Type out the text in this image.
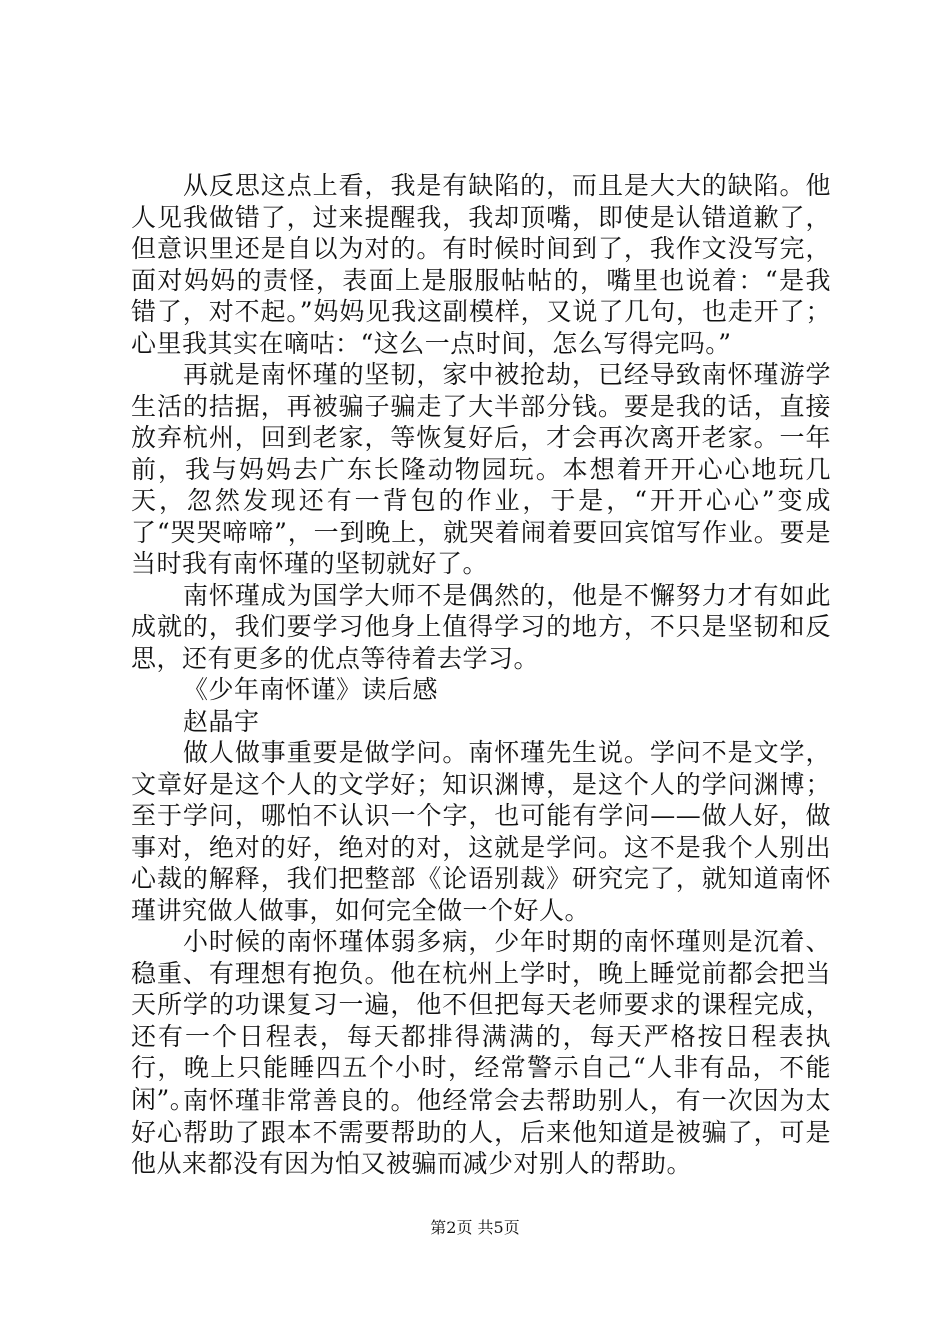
从反思这点上看，我是有缺陷的，而且是大大的缺陷。他人见我做错了，过来提醒我，我却顶嘴，即使是认错道歉了，但意识里还是自以为对的。有时候时间到了，我作文没写完，面对妈妈的责怪，表面上是服服帖帖的，嘴里也说着：“是我错了，对不起。”妈妈见我这副模样，又说了几句，也走开了；心里我其实在嘀咕：“这么一点时间，怎么写得完吗。”

再就是南怀瑾的坚韧，家中被抢劫，已经导致南怀瑾游学生活的拮据，再被骗子骗走了大半部分钱。要是我的话，直接放弃杭州，回到老家，等恢复好后，才会再次离开老家。一年前，我与妈妈去广东长隆动物园玩。本想着开开心心地玩几天，忽然发现还有一背包的作业，于是，“开开心心”变成了“哭哭啼啼”，一到晚上，就哭着闹着要回宾馆写作业。要是当时我有南怀瑾的坚韧就好了。

南怀瑾成为国学大师不是偶然的，他是不懈努力才有如此成就的，我们要学习他身上值得学习的地方，不只是坚韧和反思，还有更多的优点等待着去学习。

《少年南怀谨》读后感

赵晶宇

做人做事重要是做学问。南怀瑾先生说。学问不是文学，文章好是这个人的文学好；知识渊博，是这个人的学问渊博；至于学问，哪怕不认识一个字，也可能有学问——做人好，做事对，绝对的好，绝对的对，这就是学问。这不是我个人别出心裁的解释，我们把整部《论语别裁》研究完了，就知道南怀瑾讲究做人做事，如何完全做一个好人。

小时候的南怀瑾体弱多病，少年时期的南怀瑾则是沉着、稳重、有理想有抱负。他在杭州上学时，晚上睡觉前都会把当天所学的功课复习一遍，他不但把每天老师要求的课程完成，还有一个日程表，每天都排得满满的，每天严格按日程表执行，晚上只能睡四五个小时，经常警示自己“人非有品，不能闲”。

南怀瑾非常善良的。他经常会去帮助别人，有一次因为太好心帮助了跟本不需要帮助的人，后来他知道是被骗了，可是他从来都没有因为怕又被骗而减少对别人的帮助。

第2页 共5页
